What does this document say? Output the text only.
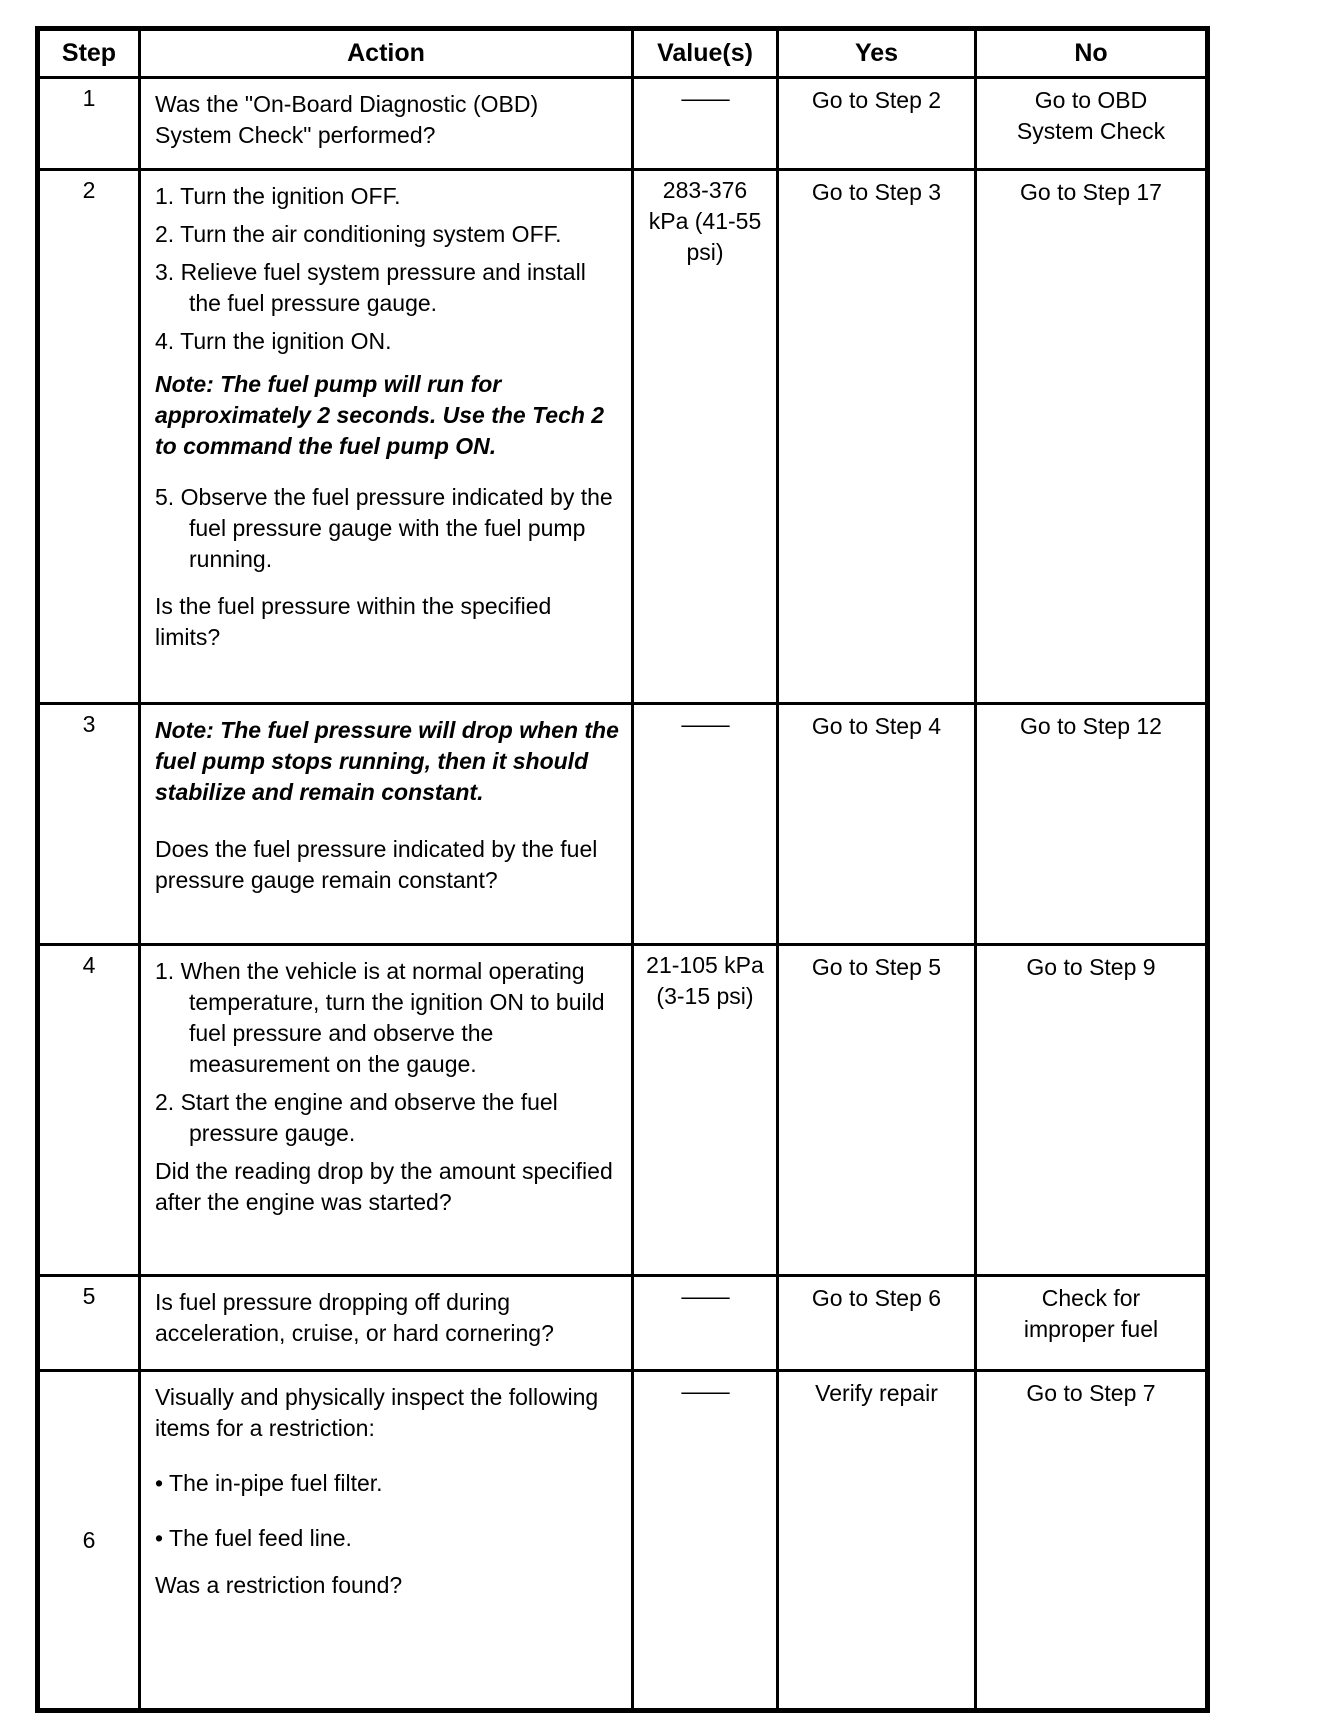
Step	Action	Value(s)	Yes	No
1	Was the "On-Board Diagnostic (OBD) System Check" performed?	—	Go to Step 2	Go to OBD System Check
2	1. Turn the ignition OFF.

2. Turn the air conditioning system OFF.

3. Relieve fuel system pressure and install the fuel pressure gauge.

4. Turn the ignition ON.

Note: The fuel pump will run for approximately 2 seconds. Use the Tech 2 to command the fuel pump ON.

5. Observe the fuel pressure indicated by the fuel pressure gauge with the fuel pump running.

Is the fuel pressure within the specified limits?

	283-376 kPa (41-55 psi)	Go to Step 3	Go to Step 17
3	Note: The fuel pressure will drop when the fuel pump stops running, then it should stabilize and remain constant.

Does the fuel pressure indicated by the fuel pressure gauge remain constant?	—	Go to Step 4	Go to Step 12
4	1. When the vehicle is at normal operating temperature, turn the ignition ON to build fuel pressure and observe the measurement on the gauge.

2. Start the engine and observe the fuel pressure gauge.

Did the reading drop by the amount specified after the engine was started?	21-105 kPa (3-15 psi)	Go to Step 5	Go to Step 9
5	Is fuel pressure dropping off during acceleration, cruise, or hard cornering?	—	Go to Step 6	Check for improper fuel
6	Visually and physically inspect the following items for a restriction:

• The in-pipe fuel filter.

• The fuel feed line.

Was a restriction found?	—	Verify repair	Go to Step 7
